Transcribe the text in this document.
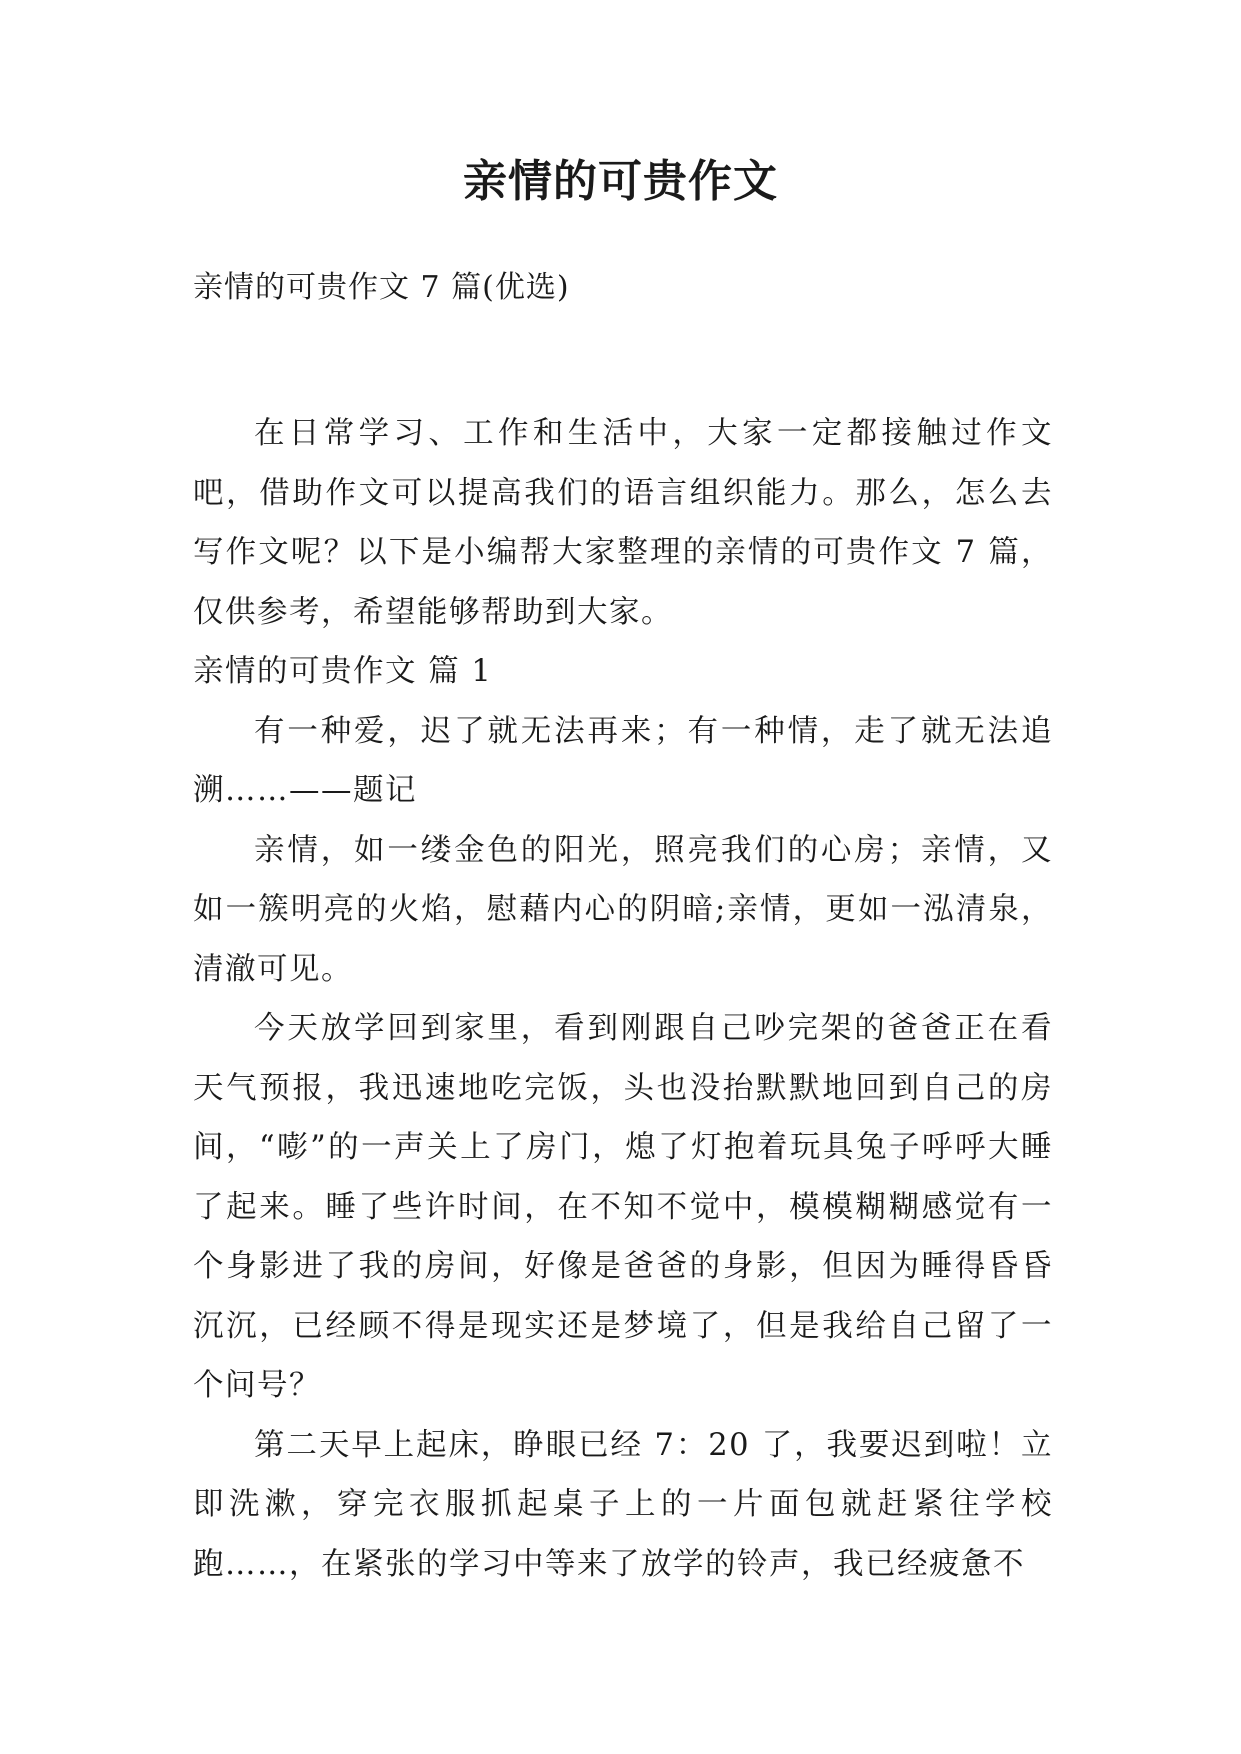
亲情的可贵作文

亲情的可贵作文 7 篇(优选)

在日常学习、工作和生活中，大家一定都接触过作文吧，借助作文可以提高我们的语言组织能力。那么，怎么去写作文呢？以下是小编帮大家整理的亲情的可贵作文 7 篇，仅供参考，希望能够帮助到大家。

亲情的可贵作文 篇 1

有一种爱，迟了就无法再来；有一种情，走了就无法追溯……——题记

亲情，如一缕金色的阳光，照亮我们的心房；亲情，又如一簇明亮的火焰，慰藉内心的阴暗;亲情，更如一泓清泉，清澈可见。

今天放学回到家里，看到刚跟自己吵完架的爸爸正在看天气预报，我迅速地吃完饭，头也没抬默默地回到自己的房间，“嘭”的一声关上了房门，熄了灯抱着玩具兔子呼呼大睡了起来。睡了些许时间，在不知不觉中，模模糊糊感觉有一个身影进了我的房间，好像是爸爸的身影，但因为睡得昏昏沉沉，已经顾不得是现实还是梦境了，但是我给自己留了一个问号？

第二天早上起床，睁眼已经 7：20 了，我要迟到啦！立即洗漱，穿完衣服抓起桌子上的一片面包就赶紧往学校跑……，在紧张的学习中等来了放学的铃声，我已经疲惫不
